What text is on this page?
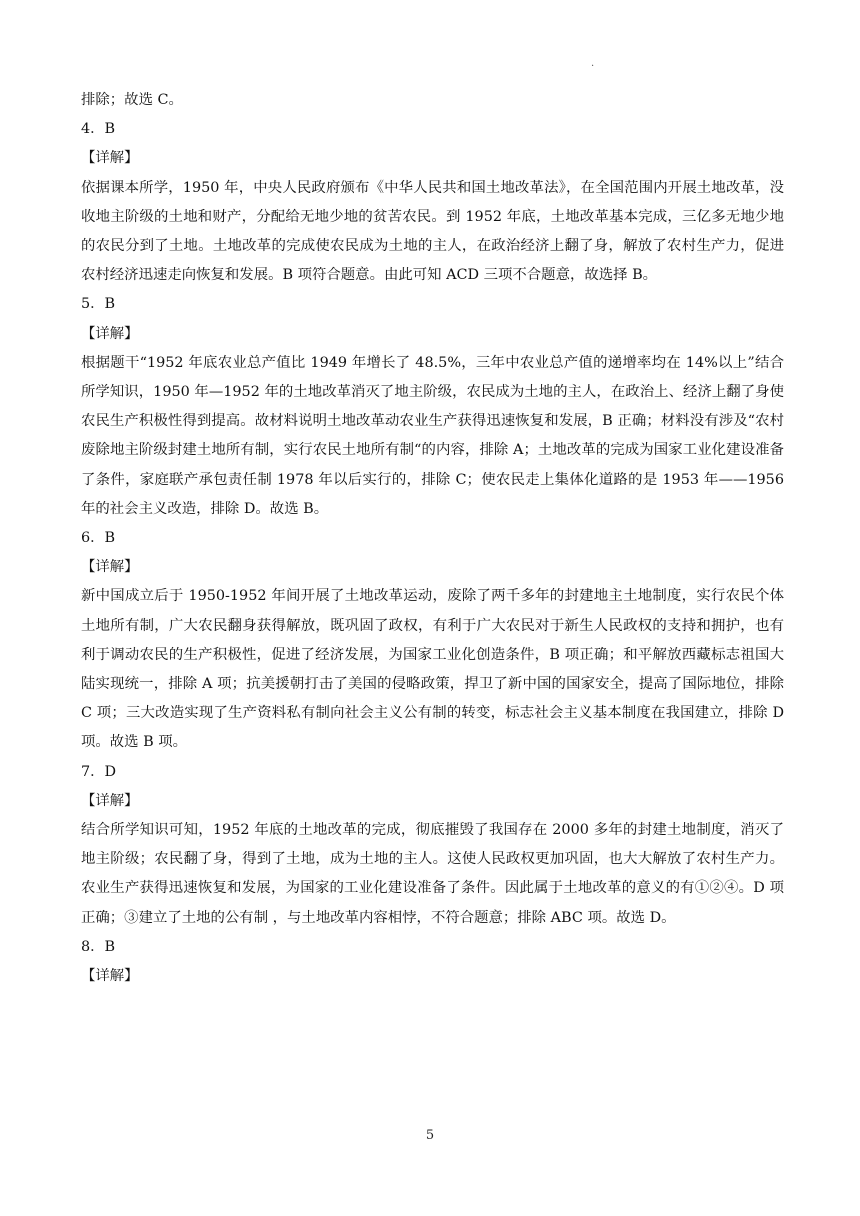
.
排除；故选 C。
4．B
【详解】

依据课本所学，1950 年，中央人民政府颁布《中华人民共和国土地改革法》，在全国范围内开展土地改革，没收地主阶级的土地和财产，分配给无地少地的贫苦农民。到 1952 年底，土地改革基本完成，三亿多无地少地的农民分到了土地。土地改革的完成使农民成为土地的主人，在政治经济上翻了身，解放了农村生产力，促进农村经济迅速走向恢复和发展。B 项符合题意。由此可知 ACD 三项不合题意，故选择 B。

5．B
【详解】

根据题干“1952 年底农业总产值比 1949 年增长了 48.5%，三年中农业总产值的递增率均在 14%以上”结合所学知识，1950 年—1952 年的土地改革消灭了地主阶级，农民成为土地的主人，在政治上、经济上翻了身使农民生产积极性得到提高。故材料说明土地改革动农业生产获得迅速恢复和发展，B 正确；材料没有涉及“农村废除地主阶级封建土地所有制，实行农民土地所有制“的内容，排除 A；土地改革的完成为国家工业化建设准备了条件，家庭联产承包责任制 1978 年以后实行的，排除 C；使农民走上集体化道路的是 1953 年——1956 年的社会主义改造，排除 D。故选 B。

6．B
【详解】

新中国成立后于 1950-1952 年间开展了土地改革运动，废除了两千多年的封建地主土地制度，实行农民个体土地所有制，广大农民翻身获得解放，既巩固了政权，有利于广大农民对于新生人民政权的支持和拥护，也有利于调动农民的生产积极性，促进了经济发展，为国家工业化创造条件，B 项正确；和平解放西藏标志祖国大陆实现统一，排除 A 项；抗美援朝打击了美国的侵略政策，捍卫了新中国的国家安全，提高了国际地位，排除 C 项；三大改造实现了生产资料私有制向社会主义公有制的转变，标志社会主义基本制度在我国建立，排除 D 项。故选 B 项。

7．D
【详解】

结合所学知识可知，1952 年底的土地改革的完成，彻底摧毁了我国存在 2000 多年的封建土地制度，消灭了地主阶级；农民翻了身，得到了土地，成为土地的主人。这使人民政权更加巩固，也大大解放了农村生产力。农业生产获得迅速恢复和发展，为国家的工业化建设准备了条件。因此属于土地改革的意义的有①②④。D 项正确；③建立了土地的公有制 ，与土地改革内容相悖，不符合题意；排除 ABC 项。故选 D。

8．B
【详解】
5
